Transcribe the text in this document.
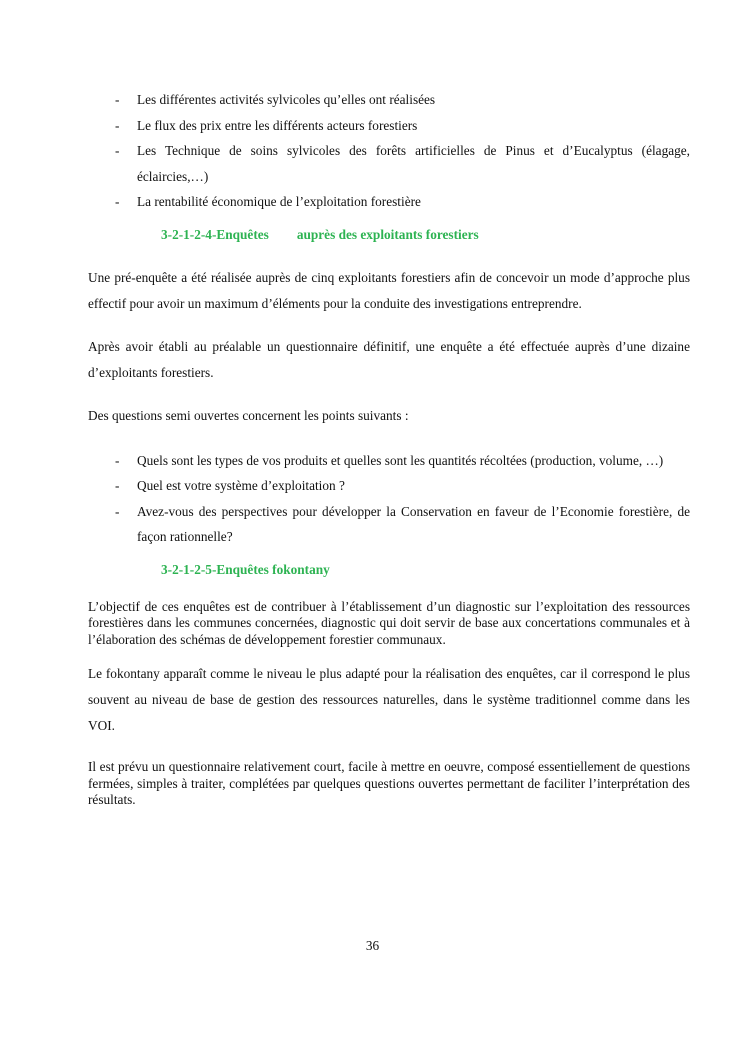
- Les différentes activités sylvicoles qu’elles ont réalisées
- Le flux des prix entre les différents acteurs forestiers
- Les Technique de soins sylvicoles des forêts artificielles de Pinus et d’Eucalyptus (élagage, éclaircies,…)
- La rentabilité économique de l’exploitation forestière
3-2-1-2-4-Enquêtes auprès des exploitants forestiers

Une pré-enquête a été réalisée auprès de cinq exploitants forestiers afin de concevoir un mode d’approche plus effectif pour avoir un maximum d’éléments pour la conduite des investigations entreprendre.

Après avoir établi au préalable un questionnaire définitif, une enquête a été effectuée auprès d’une dizaine d’exploitants forestiers.

Des questions semi ouvertes concernent les points suivants :

- Quels sont les types de vos produits et quelles sont les quantités récoltées (production, volume, …)
- Quel est votre système d’exploitation ?
- Avez-vous des perspectives pour développer la Conservation en faveur de l’Economie forestière, de façon rationnelle?
3-2-1-2-5-Enquêtes fokontany

L’objectif de ces enquêtes est de contribuer à l’établissement d’un diagnostic sur l’exploitation des ressources forestières dans les communes concernées, diagnostic qui doit servir de base aux concertations communales et à l’élaboration des schémas de développement forestier communaux.

Le fokontany apparaît comme le niveau le plus adapté pour la réalisation des enquêtes, car il correspond le plus souvent au niveau de base de gestion des ressources naturelles, dans le système traditionnel comme dans les VOI.

Il est prévu un questionnaire relativement court, facile à mettre en oeuvre, composé essentiellement de questions fermées, simples à traiter, complétées par quelques questions ouvertes permettant de faciliter l’interprétation des résultats.

36
